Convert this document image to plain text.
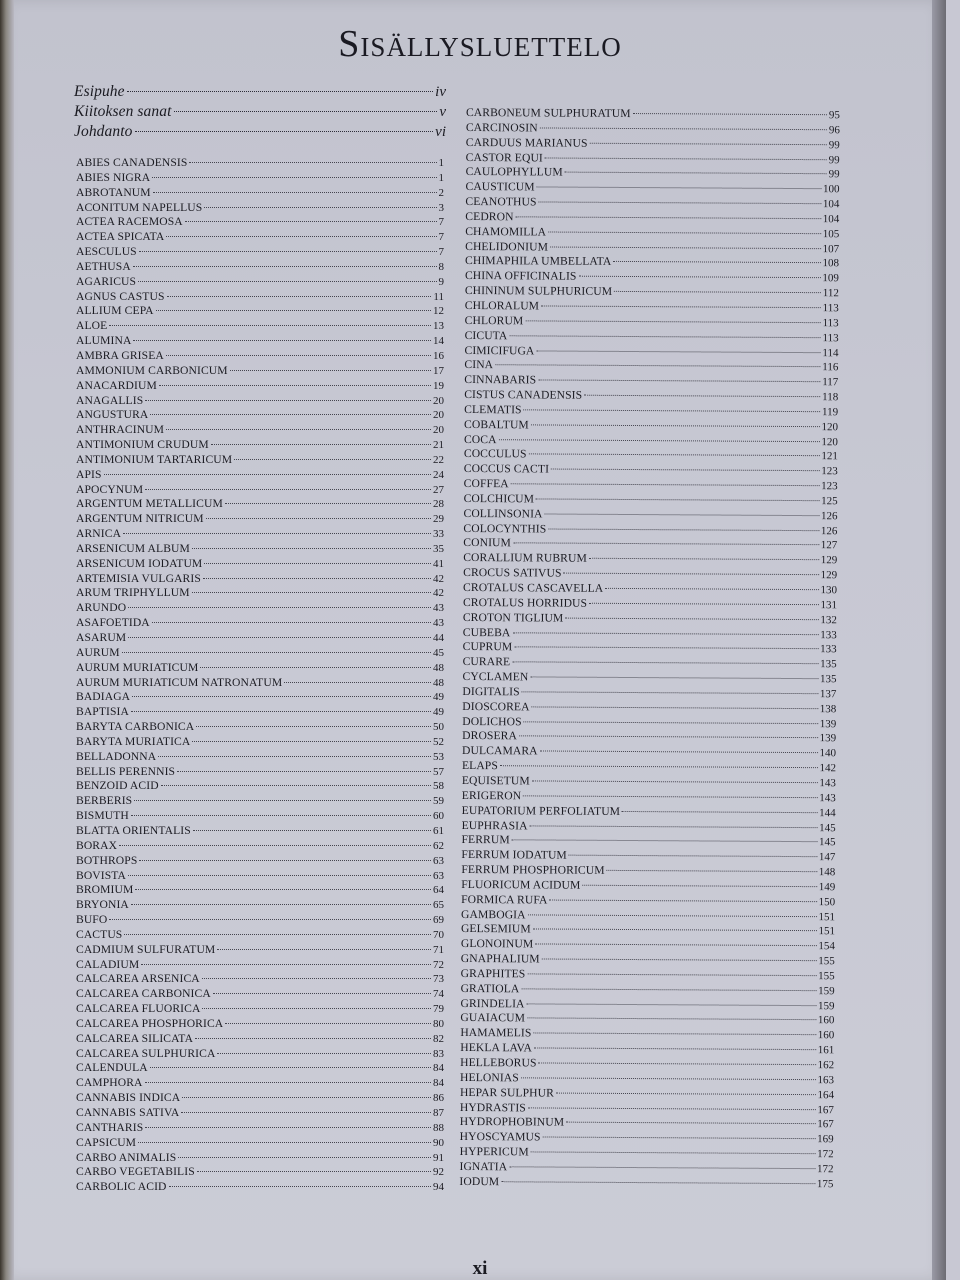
Sisällysluettelo
Esipuhe	iv
Kiitoksen sanat	v
Johdanto	vi
ABIES CANADENSIS	1
ABIES NIGRA	1
ABROTANUM	2
ACONITUM NAPELLUS	3
ACTEA RACEMOSA	7
ACTEA SPICATA	7
AESCULUS	7
AETHUSA	8
AGARICUS	9
AGNUS CASTUS	11
ALLIUM CEPA	12
ALOE	13
ALUMINA	14
AMBRA GRISEA	16
AMMONIUM CARBONICUM	17
ANACARDIUM	19
ANAGALLIS	20
ANGUSTURA	20
ANTHRACINUM	20
ANTIMONIUM CRUDUM	21
ANTIMONIUM TARTARICUM	22
APIS	24
APOCYNUM	27
ARGENTUM METALLICUM	28
ARGENTUM NITRICUM	29
ARNICA	33
ARSENICUM ALBUM	35
ARSENICUM IODATUM	41
ARTEMISIA VULGARIS	42
ARUM TRIPHYLLUM	42
ARUNDO	43
ASAFOETIDA	43
ASARUM	44
AURUM	45
AURUM MURIATICUM	48
AURUM MURIATICUM NATRONATUM	48
BADIAGA	49
BAPTISIA	49
BARYTA CARBONICA	50
BARYTA MURIATICA	52
BELLADONNA	53
BELLIS PERENNIS	57
BENZOID ACID	58
BERBERIS	59
BISMUTH	60
BLATTA ORIENTALIS	61
BORAX	62
BOTHROPS	63
BOVISTA	63
BROMIUM	64
BRYONIA	65
BUFO	69
CACTUS	70
CADMIUM SULFURATUM	71
CALADIUM	72
CALCAREA ARSENICA	73
CALCAREA CARBONICA	74
CALCAREA FLUORICA	79
CALCAREA PHOSPHORICA	80
CALCAREA SILICATA	82
CALCAREA SULPHURICA	83
CALENDULA	84
CAMPHORA	84
CANNABIS INDICA	86
CANNABIS SATIVA	87
CANTHARIS	88
CAPSICUM	90
CARBO ANIMALIS	91
CARBO VEGETABILIS	92
CARBOLIC ACID	94
CARBONEUM SULPHURATUM	95
CARCINOSIN	96
CARDUUS MARIANUS	99
CASTOR EQUI	99
CAULOPHYLLUM	99
CAUSTICUM	100
CEANOTHUS	104
CEDRON	104
CHAMOMILLA	105
CHELIDONIUM	107
CHIMAPHILA UMBELLATA	108
CHINA OFFICINALIS	109
CHININUM SULPHURICUM	112
CHLORALUM	113
CHLORUM	113
CICUTA	113
CIMICIFUGA	114
CINA	116
CINNABARIS	117
CISTUS CANADENSIS	118
CLEMATIS	119
COBALTUM	120
COCA	120
COCCULUS	121
COCCUS CACTI	123
COFFEA	123
COLCHICUM	125
COLLINSONIA	126
COLOCYNTHIS	126
CONIUM	127
CORALLIUM RUBRUM	129
CROCUS SATIVUS	129
CROTALUS CASCAVELLA	130
CROTALUS HORRIDUS	131
CROTON TIGLIUM	132
CUBEBA	133
CUPRUM	133
CURARE	135
CYCLAMEN	135
DIGITALIS	137
DIOSCOREA	138
DOLICHOS	139
DROSERA	139
DULCAMARA	140
ELAPS	142
EQUISETUM	143
ERIGERON	143
EUPATORIUM PERFOLIATUM	144
EUPHRASIA	145
FERRUM	145
FERRUM IODATUM	147
FERRUM PHOSPHORICUM	148
FLUORICUM ACIDUM	149
FORMICA RUFA	150
GAMBOGIA	151
GELSEMIUM	151
GLONOINUM	154
GNAPHALIUM	155
GRAPHITES	155
GRATIOLA	159
GRINDELIA	159
GUAIACUM	160
HAMAMELIS	160
HEKLA LAVA	161
HELLEBORUS	162
HELONIAS	163
HEPAR SULPHUR	164
HYDRASTIS	167
HYDROPHOBINUM	167
HYOSCYAMUS	169
HYPERICUM	172
IGNATIA	172
IODUM	175
xi
